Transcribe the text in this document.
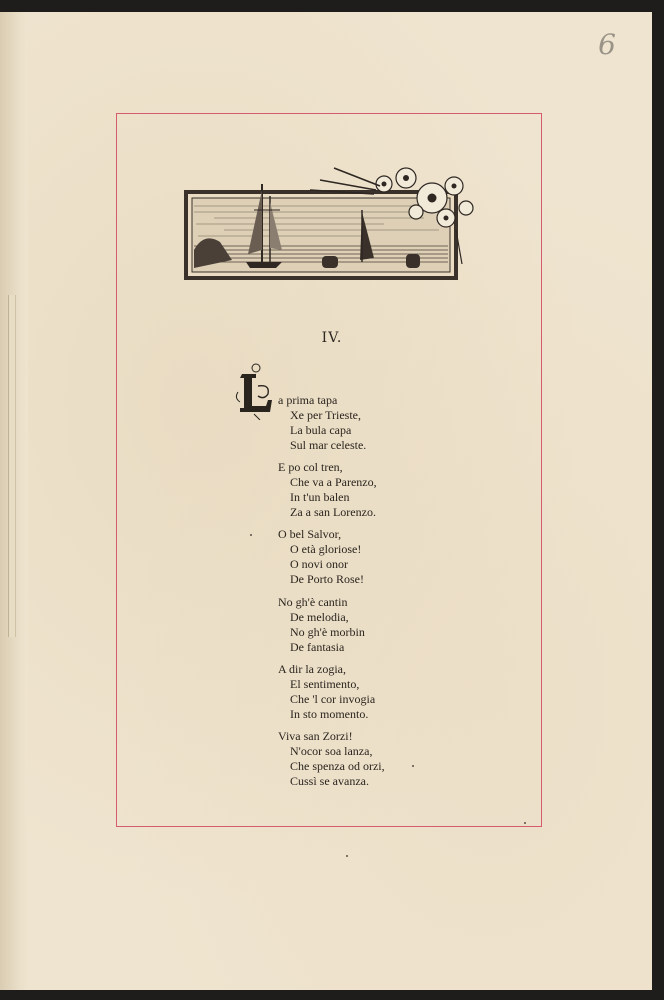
6
IV.
L a prima tapa
Xe per Trieste,
La bula capa
Sul mar celeste.
E po col tren,
Che va a Parenzo,
In t'un balen
Za a san Lorenzo.
O bel Salvor,
O età gloriose!
O novi onor
De Porto Rose!
No gh'è cantin
De melodia,
No gh'è morbin
De fantasia
A dir la zogia,
El sentimento,
Che 'l cor invogia
In sto momento.
Viva san Zorzi!
N'ocor soa lanza,
Che spenza od orzi,
Cussì se avanza.
